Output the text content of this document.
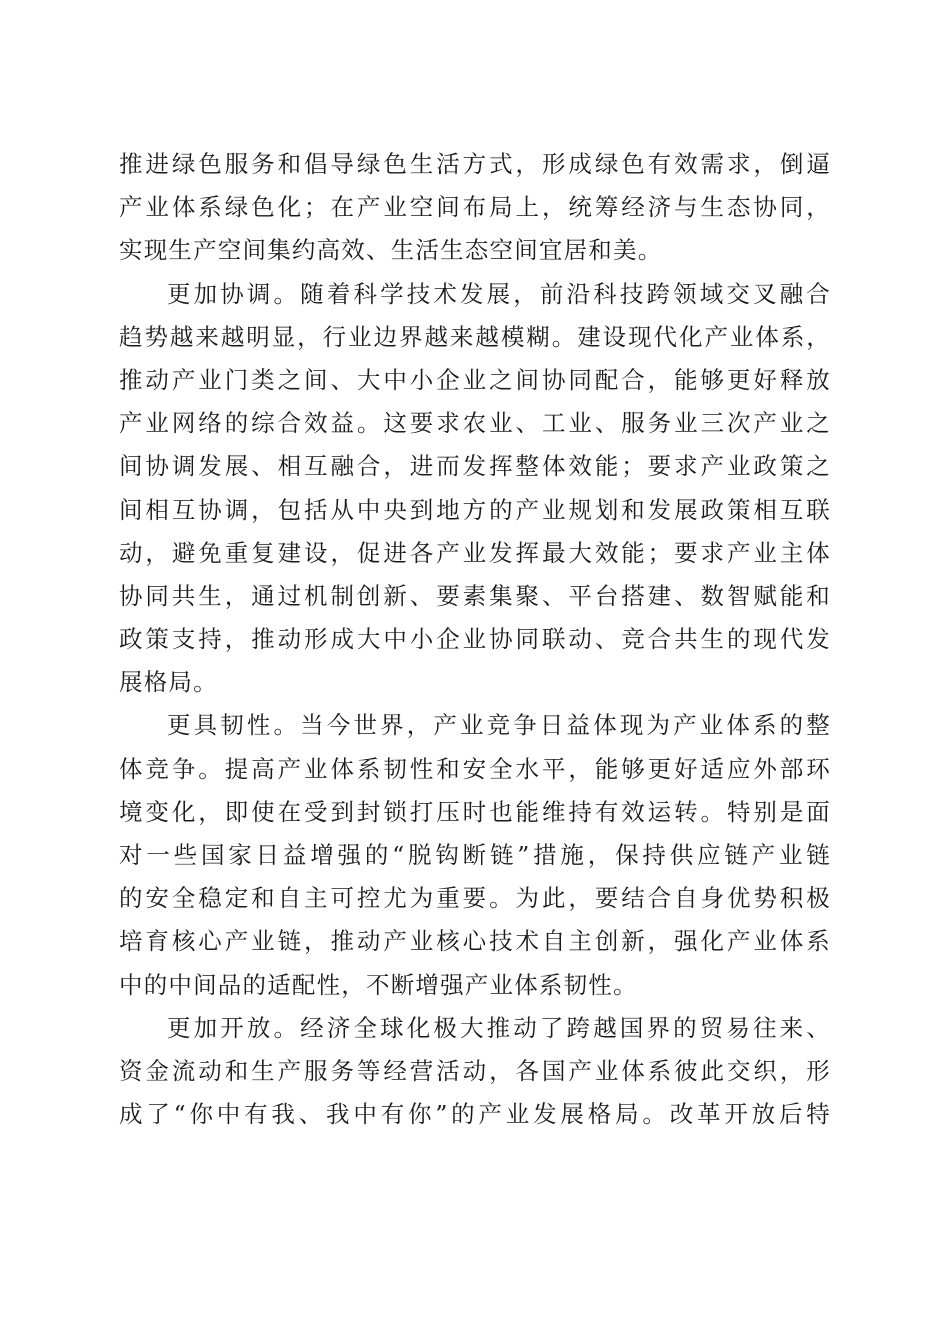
推进绿色服务和倡导绿色生活方式，形成绿色有效需求，倒逼
产业体系绿色化；在产业空间布局上，统筹经济与生态协同，
实现生产空间集约高效、生活生态空间宜居和美。
更加协调。随着科学技术发展，前沿科技跨领域交叉融合
趋势越来越明显，行业边界越来越模糊。建设现代化产业体系，
推动产业门类之间、大中小企业之间协同配合，能够更好释放
产业网络的综合效益。这要求农业、工业、服务业三次产业之
间协调发展、相互融合，进而发挥整体效能；要求产业政策之
间相互协调，包括从中央到地方的产业规划和发展政策相互联
动，避免重复建设，促进各产业发挥最大效能；要求产业主体
协同共生，通过机制创新、要素集聚、平台搭建、数智赋能和
政策支持，推动形成大中小企业协同联动、竞合共生的现代发
展格局。
更具韧性。当今世界，产业竞争日益体现为产业体系的整
体竞争。提高产业体系韧性和安全水平，能够更好适应外部环
境变化，即使在受到封锁打压时也能维持有效运转。特别是面
对一些国家日益增强的“脱钩断链”措施，保持供应链产业链
的安全稳定和自主可控尤为重要。为此，要结合自身优势积极
培育核心产业链，推动产业核心技术自主创新，强化产业体系
中的中间品的适配性，不断增强产业体系韧性。
更加开放。经济全球化极大推动了跨越国界的贸易往来、
资金流动和生产服务等经营活动，各国产业体系彼此交织，形
成了“你中有我、我中有你”的产业发展格局。改革开放后特
